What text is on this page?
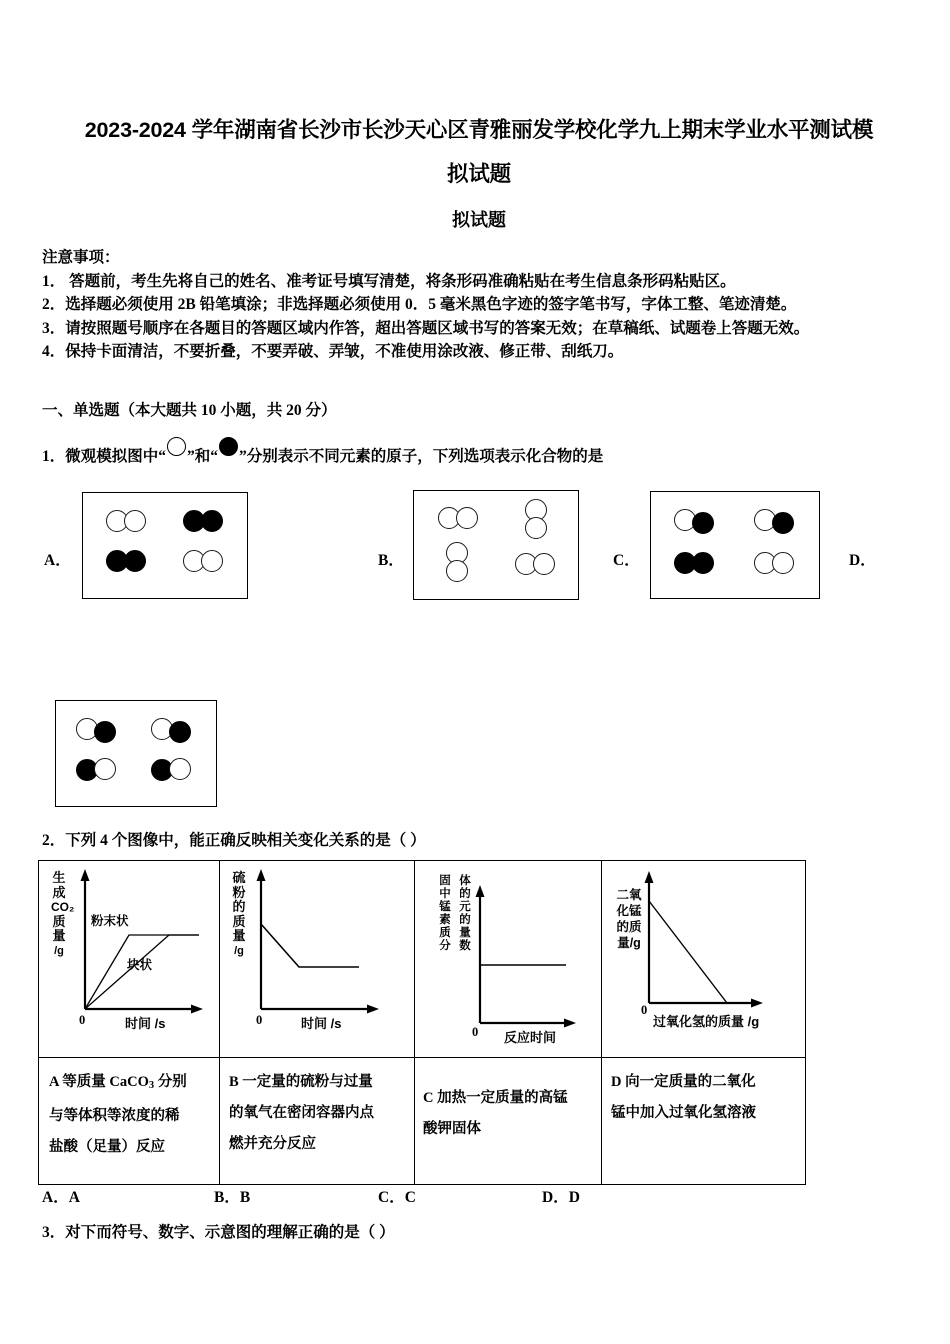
2023-2024 学年湖南省长沙市长沙天心区青雅丽发学校化学九上期末学业水平测试模
拟试题
拟试题
注意事项：
1． 答题前，考生先将自己的姓名、准考证号填写清楚，将条形码准确粘贴在考生信息条形码粘贴区。
2．选择题必须使用 2B 铅笔填涂；非选择题必须使用 0．5 毫米黑色字迹的签字笔书写，字体工整、笔迹清楚。
3．请按照题号顺序在各题目的答题区域内作答，超出答题区域书写的答案无效；在草稿纸、试题卷上答题无效。
4．保持卡面清洁，不要折叠，不要弄破、弄皱，不准使用涂改液、修正带、刮纸刀。
一、单选题（本大题共 10 小题，共 20 分）
1．微观模拟图中“ ”和“ ”分别表示不同元素的原子，下列选项表示化合物的是
A．	B．	C．	D．
2．下列 4 个图像中，能正确反映相关变化关系的是（ ）
生
成
CO₂
质
量
/g
粉末状
块状
0	时间 /s
硫
粉
的
质
量
/g
0	时间 /s
固
中
锰
素
质
分
体
的
元
的
量
数
0 反应时间
二氧
化锰
的质
量/g
0
过氧化氢的质量 /g
A 等质量 CaCO$_3$ 分别
与等体积等浓度的稀
盐酸（足量）反应
B 一定量的硫粉与过量
的氧气在密闭容器内点
燃并充分反应
C 加热一定质量的高锰
酸钾固体
D 向一定质量的二氧化
锰中加入过氧化氢溶液
A．A	B．B	C．C	D．D
3．对下而符号、数字、示意图的理解正确的是（ ）
